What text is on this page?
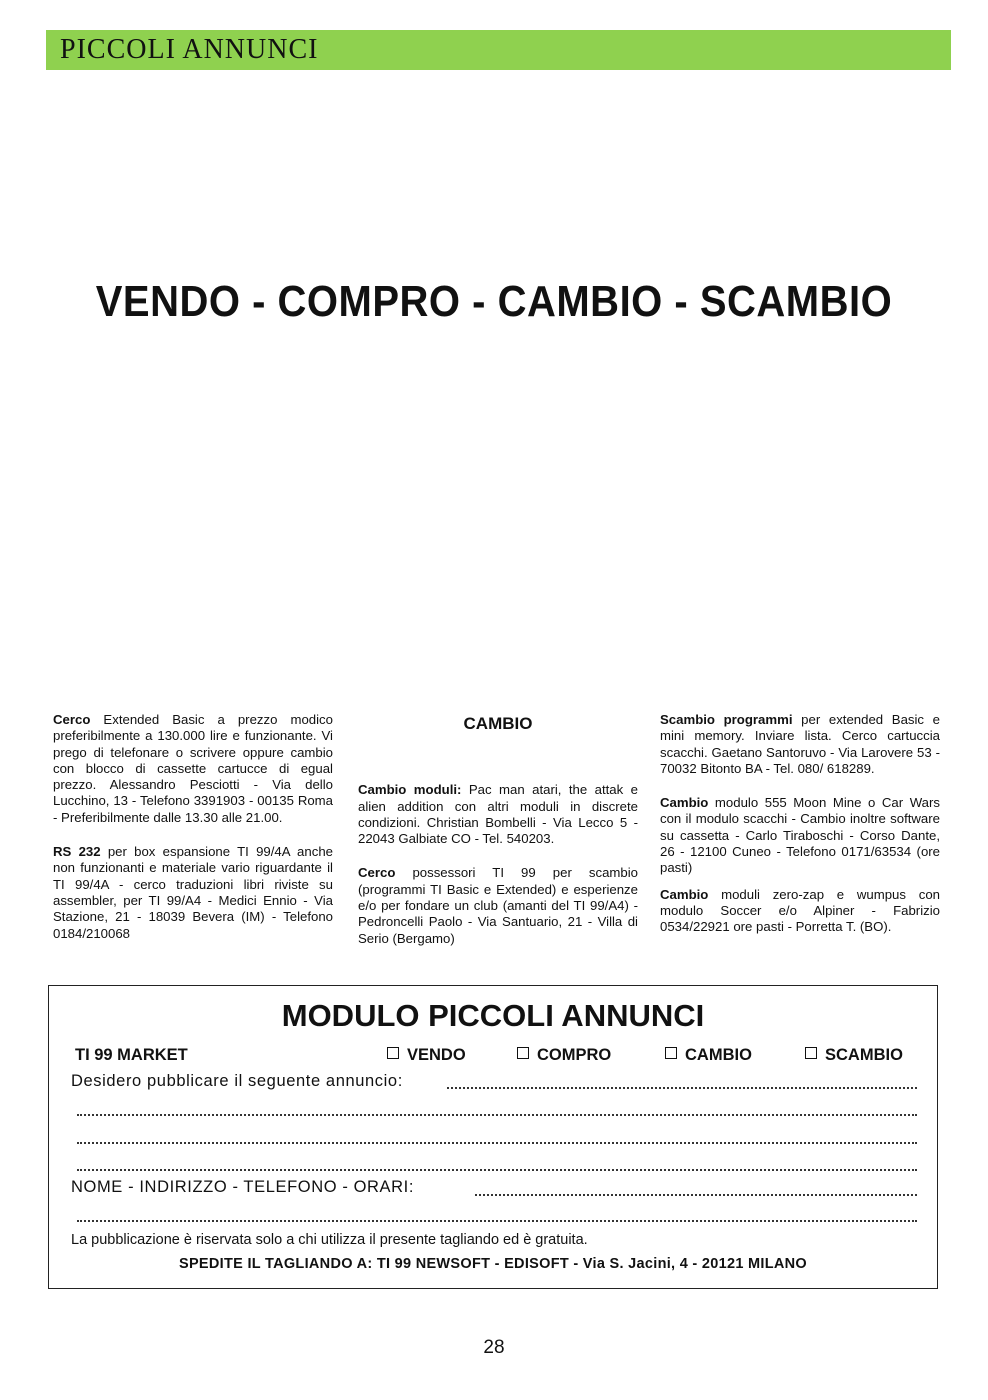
PICCOLI ANNUNCI
VENDO - COMPRO - CAMBIO - SCAMBIO

Cerco Extended Basic a prezzo modico preferibilmente a 130.000 lire e funzionante. Vi prego di telefonare o scrivere oppure cambio con blocco di cassette cartucce di egual prezzo. Alessandro Pesciotti - Via dello Lucchino, 13 - Telefono 3391903 - 00135 Roma - Preferibilmente dalle 13.30 alle 21.00.

RS 232 per box espansione TI 99/4A anche non funzionanti e materiale vario riguardante il TI 99/4A - cerco traduzioni libri riviste su assembler, per TI 99/A4 - Medici Ennio - Via Stazione, 21 - 18039 Bevera (IM) - Telefono 0184/210068

CAMBIO

Cambio moduli: Pac man atari, the attak e alien addition con altri moduli in discrete condizioni. Christian Bombelli - Via Lecco 5 - 22043 Galbiate CO - Tel. 540203.

Cerco possessori TI 99 per scambio (programmi TI Basic e Extended) e esperienze e/o per fondare un club (amanti del TI 99/A4) - Pedroncelli Paolo - Via Santuario, 21 - Villa di Serio (Bergamo)

Scambio programmi per extended Basic e mini memory. Inviare lista. Cerco cartuccia scacchi. Gaetano Santoruvo - Via Larovere 53 - 70032 Bitonto BA - Tel. 080/ 618289.

Cambio modulo 555 Moon Mine o Car Wars con il modulo scacchi - Cambio inoltre software su cassetta - Carlo Tiraboschi - Corso Dante, 26 - 12100 Cuneo - Telefono 0171/63534 (ore pasti)

Cambio moduli zero-zap e wumpus con modulo Soccer e/o Alpiner - Fabrizio 0534/22921 ore pasti - Porretta T. (BO).

MODULO PICCOLI ANNUNCI
TI 99 MARKET	VENDO	COMPRO	CAMBIO	SCAMBIO
Desidero pubblicare il seguente annuncio:
NOME - INDIRIZZO - TELEFONO - ORARI:
La pubblicazione è riservata solo a chi utilizza il presente tagliando ed è gratuita.
SPEDITE IL TAGLIANDO A: TI 99 NEWSOFT - EDISOFT - Via S. Jacini, 4 - 20121 MILANO
28
